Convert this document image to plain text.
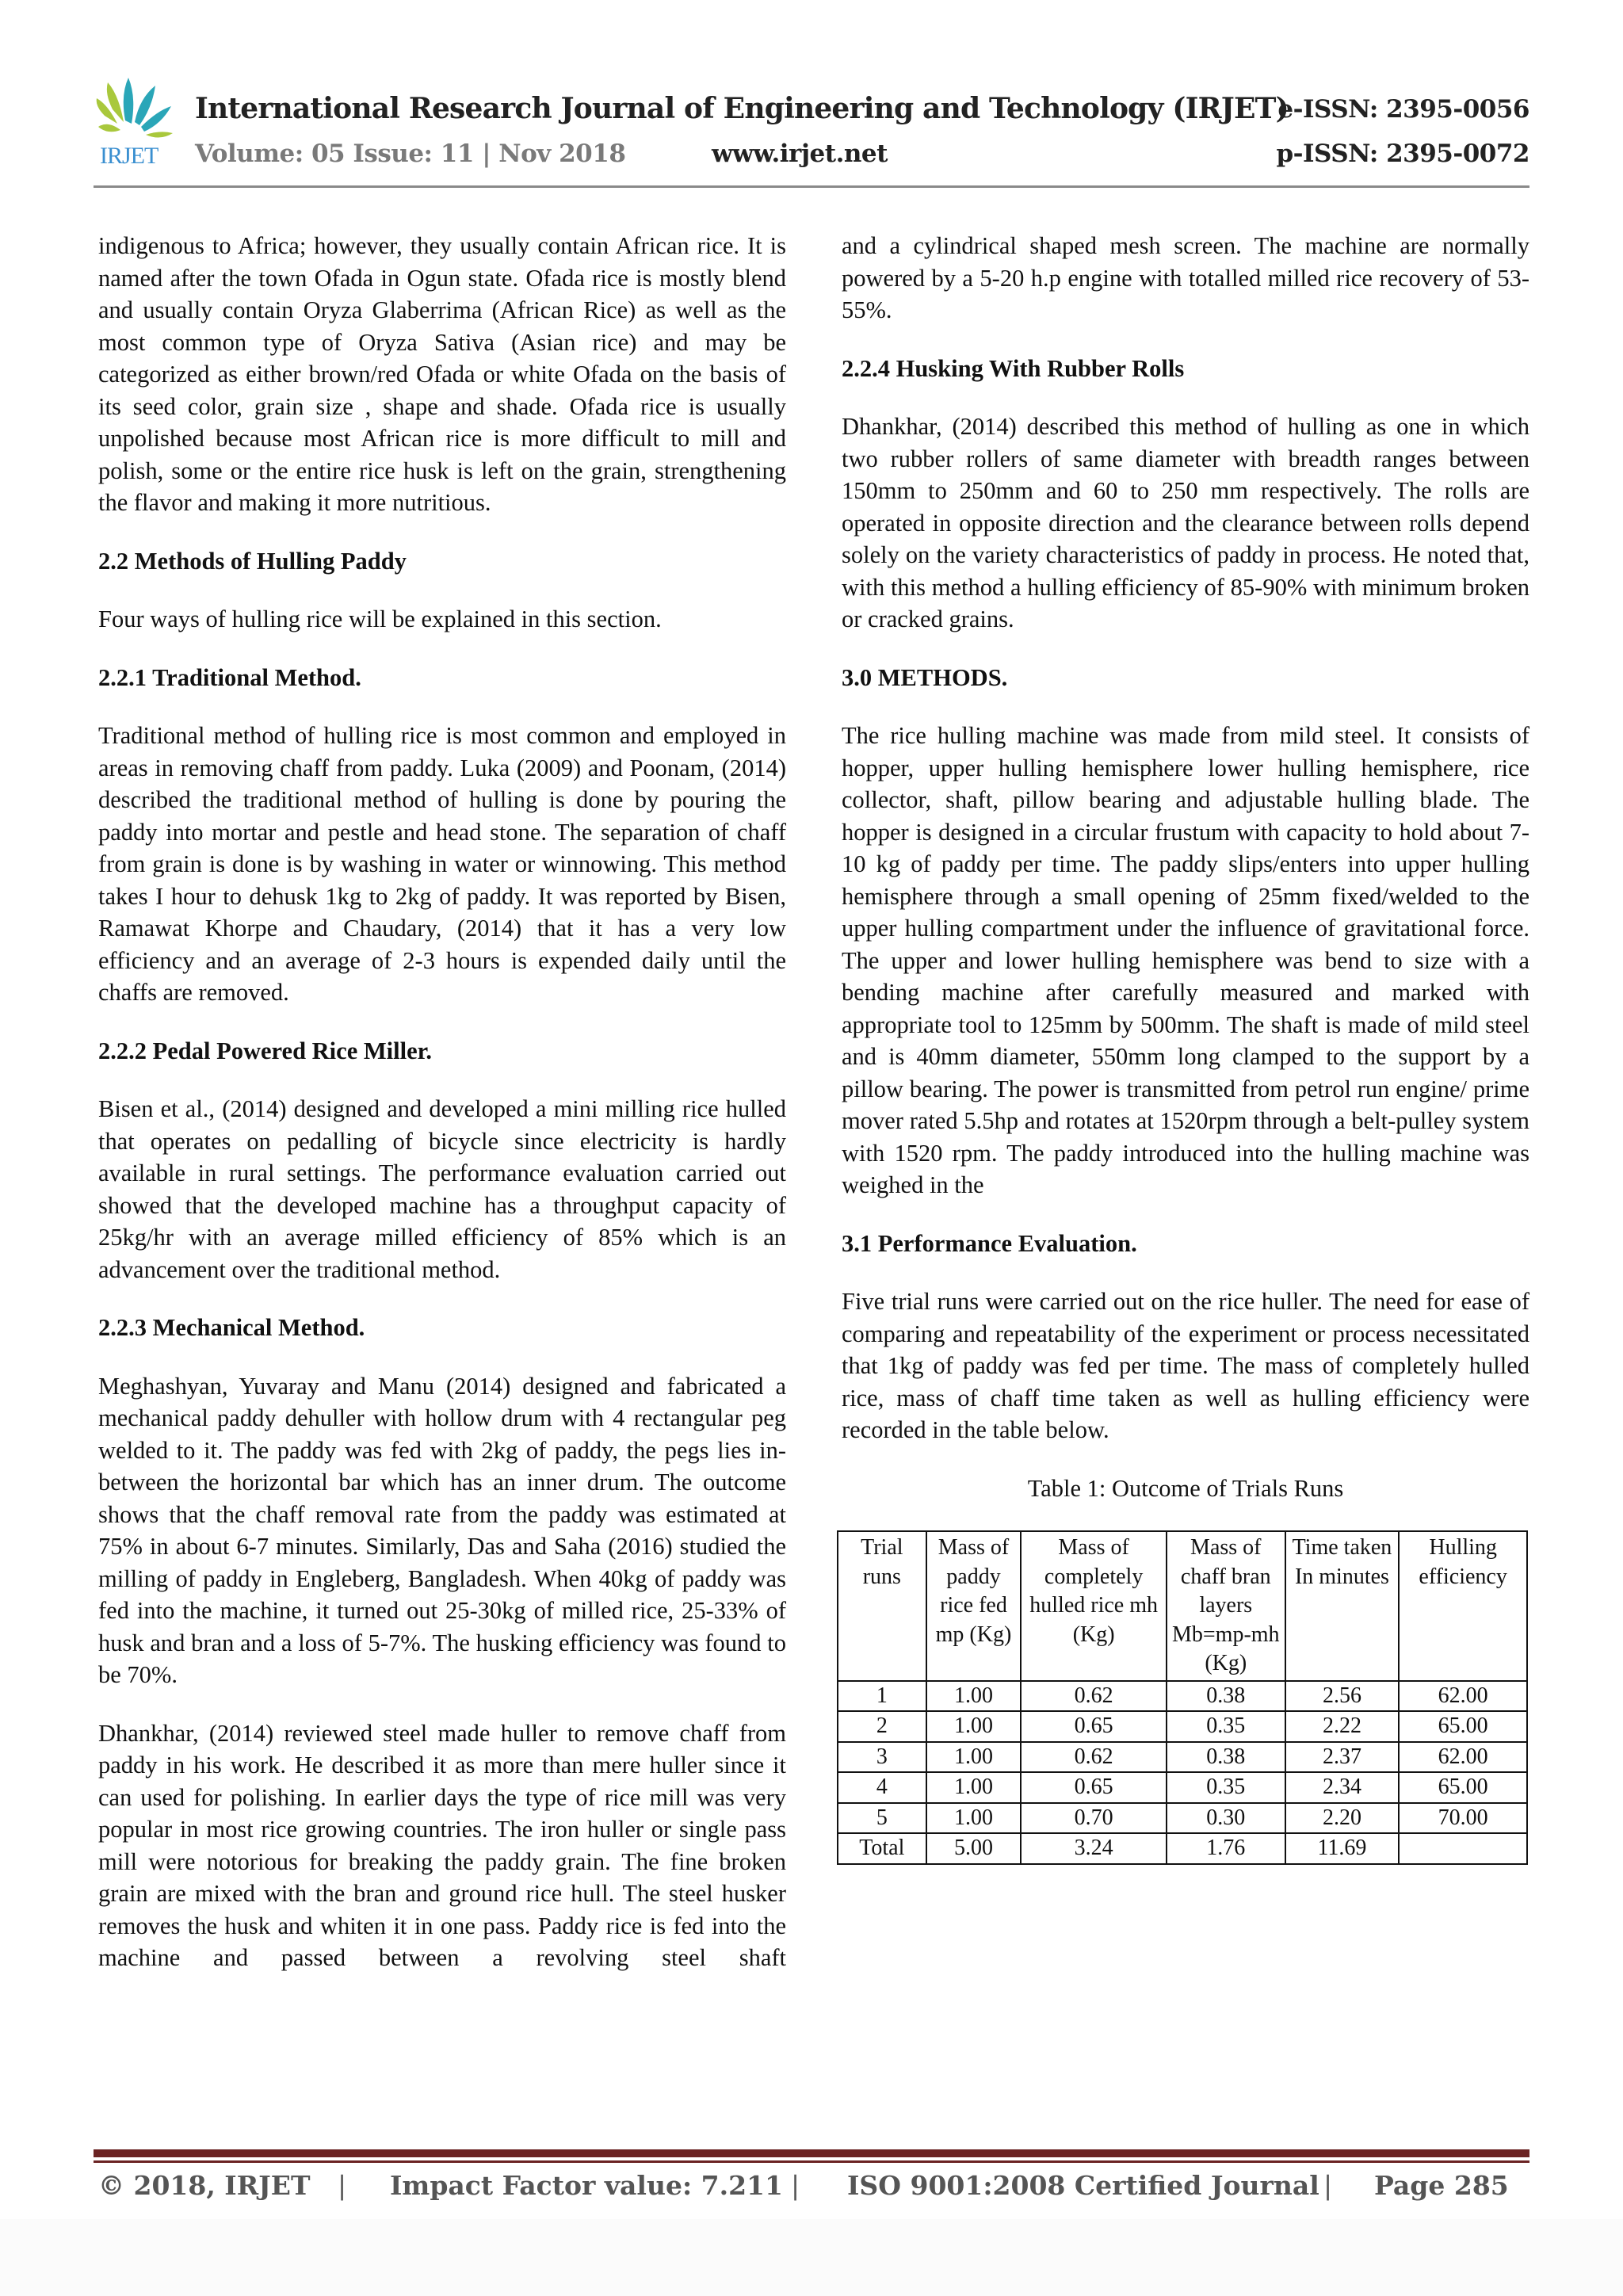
IRJET
International Research Journal of Engineering and Technology (IRJET)
Volume: 05 Issue: 11 | Nov 2018	www.irjet.net
e-ISSN: 2395-0056
p-ISSN: 2395-0072

indigenous to Africa; however, they usually contain African rice. It is named after the town Ofada in Ogun state. Ofada rice is mostly blend and usually contain Oryza Glaberrima (African Rice) as well as the most common type of Oryza Sativa (Asian rice) and may be categorized as either brown/red Ofada or white Ofada on the basis of its seed color, grain size , shape and shade. Ofada rice is usually unpolished because most African rice is more difficult to mill and polish, some or the entire rice husk is left on the grain, strengthening the flavor and making it more nutritious.

2.2 Methods of Hulling Paddy

Four ways of hulling rice will be explained in this section.

2.2.1 Traditional Method.

Traditional method of hulling rice is most common and employed in areas in removing chaff from paddy. Luka (2009) and Poonam, (2014) described the traditional method of hulling is done by pouring the paddy into mortar and pestle and head stone. The separation of chaff from grain is done is by washing in water or winnowing. This method takes I hour to dehusk 1kg to 2kg of paddy. It was reported by Bisen, Ramawat Khorpe and Chaudary, (2014) that it has a very low efficiency and an average of 2-3 hours is expended daily until the chaffs are removed.

2.2.2 Pedal Powered Rice Miller.

Bisen et al., (2014) designed and developed a mini milling rice hulled that operates on pedalling of bicycle since electricity is hardly available in rural settings. The performance evaluation carried out showed that the developed machine has a throughput capacity of 25kg/hr with an average milled efficiency of 85% which is an advancement over the traditional method.

2.2.3 Mechanical Method.

Meghashyan, Yuvaray and Manu (2014) designed and fabricated a mechanical paddy dehuller with hollow drum with 4 rectangular peg welded to it. The paddy was fed with 2kg of paddy, the pegs lies in-between the horizontal bar which has an inner drum. The outcome shows that the chaff removal rate from the paddy was estimated at 75% in about 6-7 minutes. Similarly, Das and Saha (2016) studied the milling of paddy in Engleberg, Bangladesh. When 40kg of paddy was fed into the machine, it turned out 25-30kg of milled rice, 25-33% of husk and bran and a loss of 5-7%. The husking efficiency was found to be 70%.

Dhankhar, (2014) reviewed steel made huller to remove chaff from paddy in his work. He described it as more than mere huller since it can used for polishing. In earlier days the type of rice mill was very popular in most rice growing countries. The iron huller or single pass mill were notorious for breaking the paddy grain. The fine broken grain are mixed with the bran and ground rice hull. The steel husker removes the husk and whiten it in one pass. Paddy rice is fed into the machine and passed between a revolving steel shaft

and a cylindrical shaped mesh screen. The machine are normally powered by a 5-20 h.p engine with totalled milled rice recovery of 53-55%.

2.2.4 Husking With Rubber Rolls

Dhankhar, (2014) described this method of hulling as one in which two rubber rollers of same diameter with breadth ranges between 150mm to 250mm and 60 to 250 mm respectively. The rolls are operated in opposite direction and the clearance between rolls depend solely on the variety characteristics of paddy in process. He noted that, with this method a hulling efficiency of 85-90% with minimum broken or cracked grains.

3.0 METHODS.

The rice hulling machine was made from mild steel. It consists of hopper, upper hulling hemisphere lower hulling hemisphere, rice collector, shaft, pillow bearing and adjustable hulling blade. The hopper is designed in a circular frustum with capacity to hold about 7-10 kg of paddy per time. The paddy slips/enters into upper hulling hemisphere through a small opening of 25mm fixed/welded to the upper hulling compartment under the influence of gravitational force. The upper and lower hulling hemisphere was bend to size with a bending machine after carefully measured and marked with appropriate tool to 125mm by 500mm. The shaft is made of mild steel and is 40mm diameter, 550mm long clamped to the support by a pillow bearing. The power is transmitted from petrol run engine/ prime mover rated 5.5hp and rotates at 1520rpm through a belt-pulley system with 1520 rpm. The paddy introduced into the hulling machine was weighed in the

3.1 Performance Evaluation.

Five trial runs were carried out on the rice huller. The need for ease of comparing and repeatability of the experiment or process necessitated that 1kg of paddy was fed per time. The mass of completely hulled rice, mass of chaff time taken as well as hulling efficiency were recorded in the table below.

Table 1: Outcome of Trials Runs

Trial runs	Mass of paddy rice fed mp (Kg)	Mass of completely hulled rice mh (Kg)	Mass of chaff bran layers Mb=mp-mh (Kg)	Time taken In minutes	Hulling efficiency
1	1.00	0.62	0.38	2.56	62.00
2	1.00	0.65	0.35	2.22	65.00
3	1.00	0.62	0.38	2.37	62.00
4	1.00	0.65	0.35	2.34	65.00
5	1.00	0.70	0.30	2.20	70.00
Total	5.00	3.24	1.76	11.69	
© 2018, IRJET | Impact Factor value: 7.211 | ISO 9001:2008 Certified Journal | Page 285
